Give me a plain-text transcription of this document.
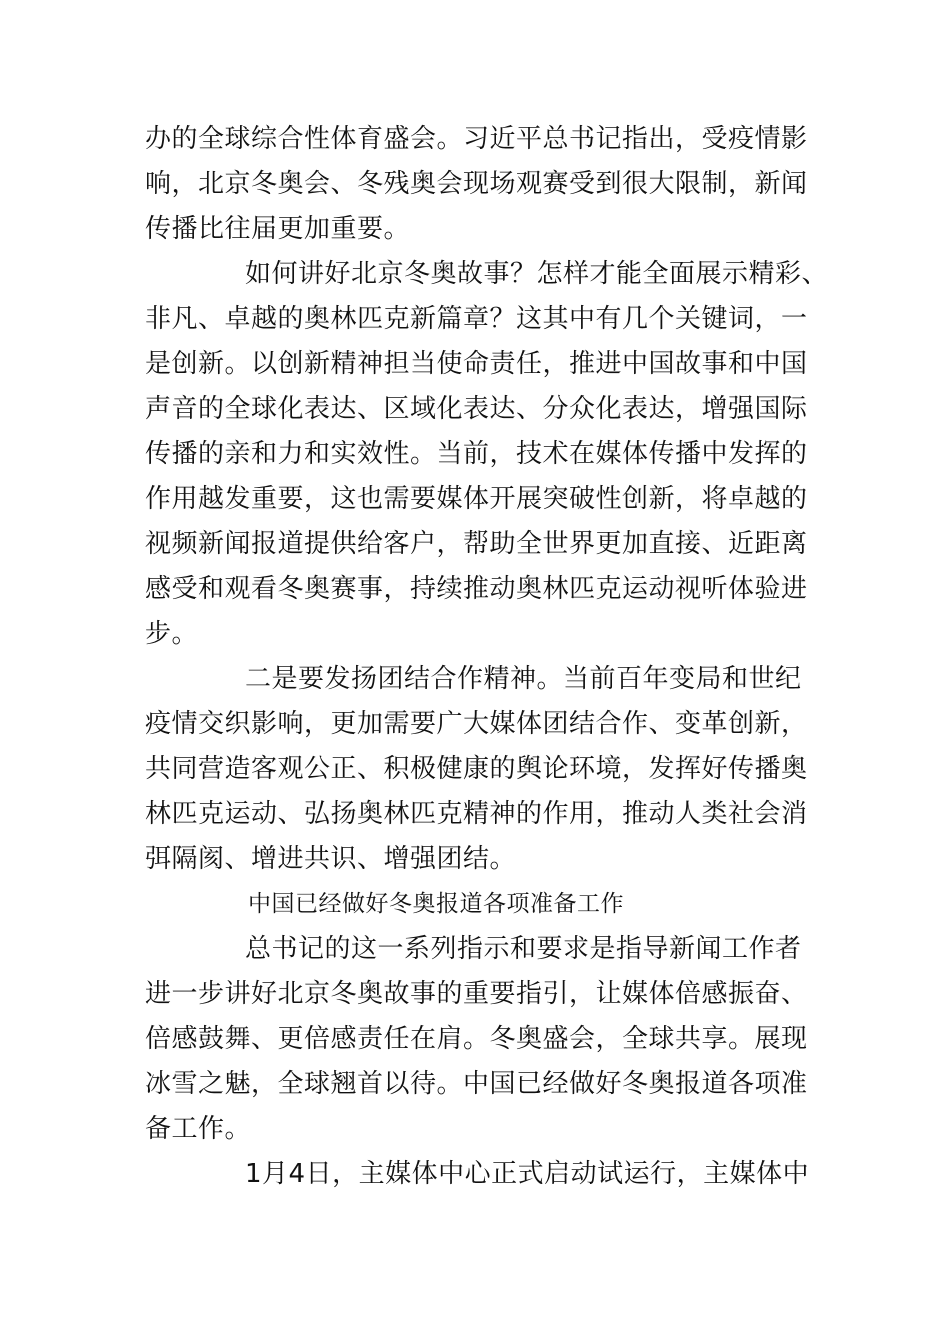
办的全球综合性体育盛会。习近平总书记指出，受疫情影
响，北京冬奥会、冬残奥会现场观赛受到很大限制，新闻
传播比往届更加重要。
如何讲好北京冬奥故事？怎样才能全面展示精彩、
非凡、卓越的奥林匹克新篇章？这其中有几个关键词，一
是创新。以创新精神担当使命责任，推进中国故事和中国
声音的全球化表达、区域化表达、分众化表达，增强国际
传播的亲和力和实效性。当前，技术在媒体传播中发挥的
作用越发重要，这也需要媒体开展突破性创新，将卓越的
视频新闻报道提供给客户，帮助全世界更加直接、近距离
感受和观看冬奥赛事，持续推动奥林匹克运动视听体验进
步。
二是要发扬团结合作精神。当前百年变局和世纪
疫情交织影响，更加需要广大媒体团结合作、变革创新，
共同营造客观公正、积极健康的舆论环境，发挥好传播奥
林匹克运动、弘扬奥林匹克精神的作用，推动人类社会消
弭隔阂、增进共识、增强团结。
中国已经做好冬奥报道各项准备工作
总书记的这一系列指示和要求是指导新闻工作者
进一步讲好北京冬奥故事的重要指引，让媒体倍感振奋、
倍感鼓舞、更倍感责任在肩。冬奥盛会，全球共享。展现
冰雪之魅，全球翘首以待。中国已经做好冬奥报道各项准
备工作。
1月4日，主媒体中心正式启动试运行，主媒体中
